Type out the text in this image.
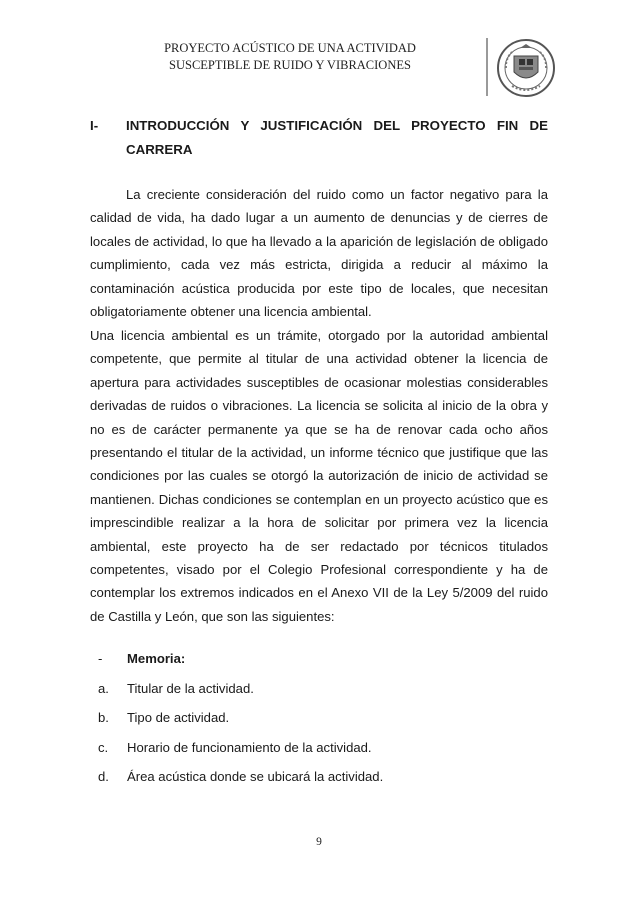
PROYECTO ACÚSTICO DE UNA ACTIVIDAD
SUSCEPTIBLE DE RUIDO Y VIBRACIONES
I- INTRODUCCIÓN Y JUSTIFICACIÓN DEL PROYECTO FIN DE
CARRERA

La creciente consideración del ruido como un factor negativo para la calidad de vida, ha dado lugar a un aumento de denuncias y de cierres de locales de actividad, lo que ha llevado a la aparición de legislación de obligado cumplimiento, cada vez más estricta, dirigida a reducir al máximo la contaminación acústica producida por este tipo de locales, que necesitan obligatoriamente obtener una licencia ambiental.

Una licencia ambiental es un trámite, otorgado por la autoridad ambiental competente, que permite al titular de una actividad obtener la licencia de apertura para actividades susceptibles de ocasionar molestias considerables derivadas de ruidos o vibraciones. La licencia se solicita al inicio de la obra y no es de carácter permanente ya que se ha de renovar cada ocho años presentando el titular de la actividad, un informe técnico que justifique que las condiciones por las cuales se otorgó la autorización de inicio de actividad se mantienen. Dichas condiciones se contemplan en un proyecto acústico que es imprescindible realizar a la hora de solicitar por primera vez la licencia ambiental, este proyecto ha de ser redactado por técnicos titulados competentes, visado por el Colegio Profesional correspondiente y ha de contemplar los extremos indicados en el Anexo VII de la Ley 5/2009 del ruido de Castilla y León, que son las siguientes:

- Memoria:
a. Titular de la actividad.
b. Tipo de actividad.
c. Horario de funcionamiento de la actividad.
d. Área acústica donde se ubicará la actividad.
9
